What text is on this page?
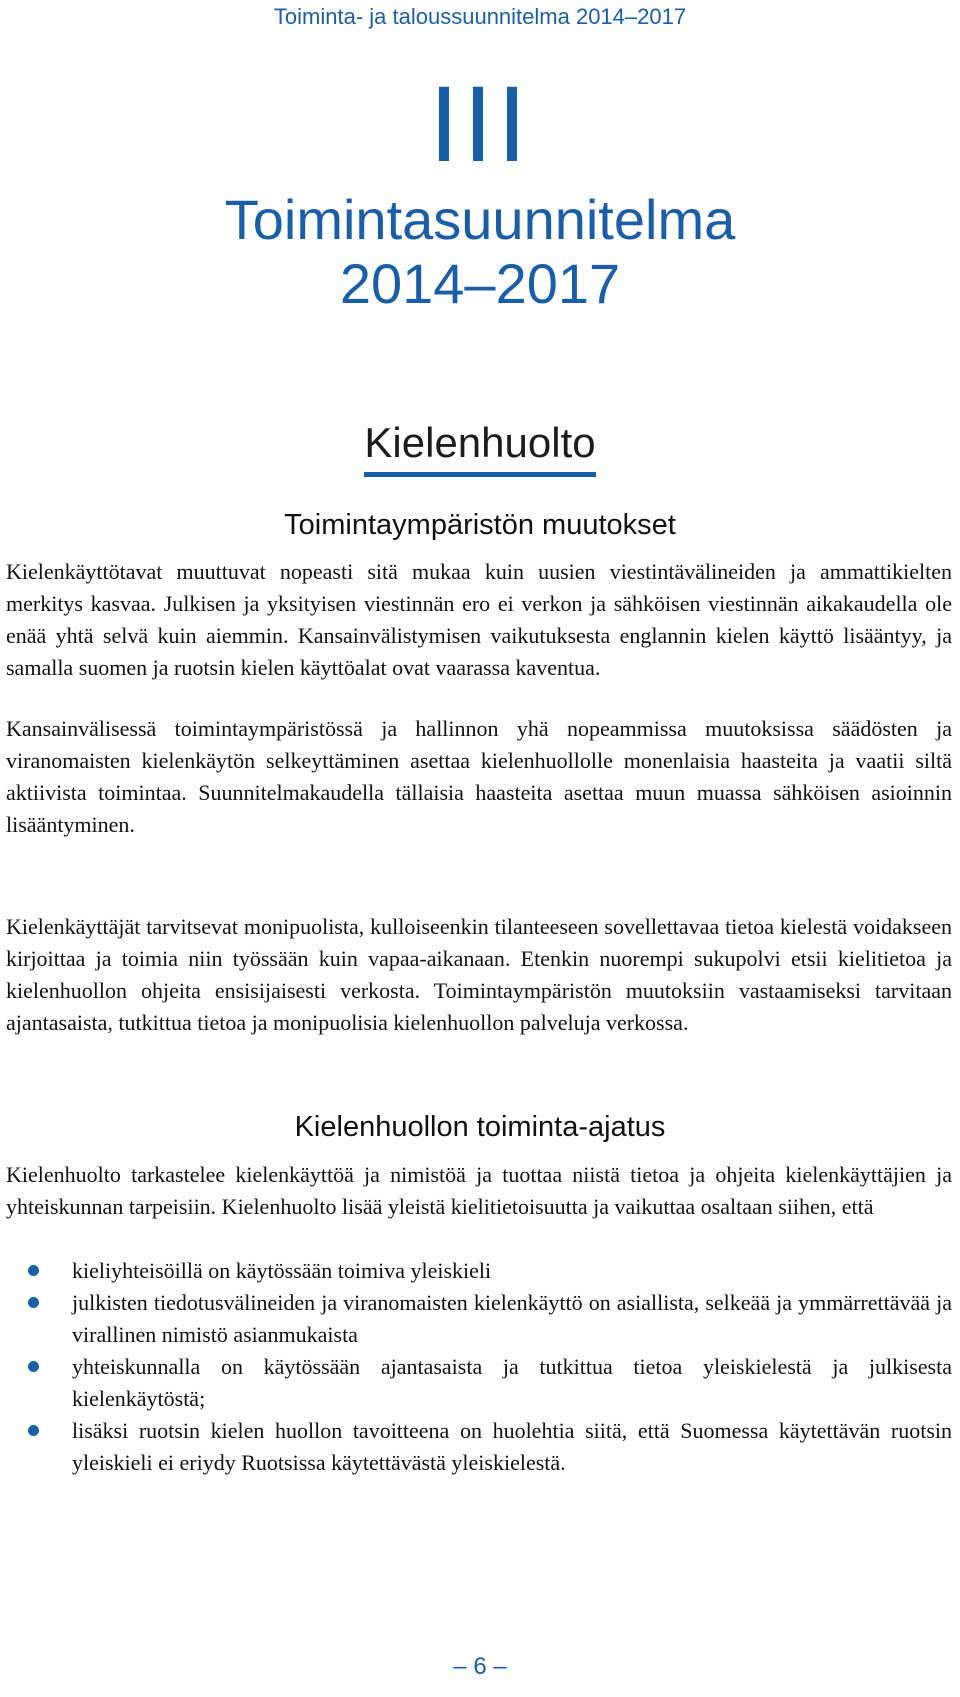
Toiminta- ja taloussuunnitelma 2014–2017
III
Toimintasuunnitelma
2014–2017
Kielenhuolto
Toimintaympäristön muutokset

Kielenkäyttötavat muuttuvat nopeasti sitä mukaa kuin uusien viestintävälineiden ja ammattikielten merkitys kasvaa. Julkisen ja yksityisen viestinnän ero ei verkon ja sähköisen viestinnän aikakaudella ole enää yhtä selvä kuin aiemmin. Kansainvälistymisen vaikutuksesta englannin kielen käyttö lisääntyy, ja samalla suomen ja ruotsin kielen käyttöalat ovat vaarassa kaventua.

Kansainvälisessä toimintaympäristössä ja hallinnon yhä nopeammissa muutoksissa säädösten ja viranomaisten kielenkäytön selkeyttäminen asettaa kielenhuollolle monenlaisia haasteita ja vaatii siltä aktiivista toimintaa. Suunnitelmakaudella tällaisia haasteita asettaa muun muassa sähköisen asioinnin lisääntyminen.

Kielenkäyttäjät tarvitsevat monipuolista, kulloiseenkin tilanteeseen sovellettavaa tietoa kielestä voidakseen kirjoittaa ja toimia niin työssään kuin vapaa-aikanaan. Etenkin nuorempi sukupolvi etsii kielitietoa ja kielenhuollon ohjeita ensisijaisesti verkosta. Toimintaympäristön muutoksiin vastaamiseksi tarvitaan ajantasaista, tutkittua tietoa ja monipuolisia kielenhuollon palveluja verkossa.

Kielenhuollon toiminta-ajatus

Kielenhuolto tarkastelee kielenkäyttöä ja nimistöä ja tuottaa niistä tietoa ja ohjeita kielenkäyttäjien ja yhteiskunnan tarpeisiin. Kielenhuolto lisää yleistä kielitietoisuutta ja vaikuttaa osaltaan siihen, että

kieliyhteisöillä on käytössään toimiva yleiskieli
julkisten tiedotusvälineiden ja viranomaisten kielenkäyttö on asiallista, selkeää ja ymmärrettävää ja virallinen nimistö asianmukaista
yhteiskunnalla on käytössään ajantasaista ja tutkittua tietoa yleiskielestä ja julkisesta kielenkäytöstä;
lisäksi ruotsin kielen huollon tavoitteena on huolehtia siitä, että Suomessa käytettävän ruotsin yleiskieli ei eriydy Ruotsissa käytettävästä yleiskielestä.
– 6 –
